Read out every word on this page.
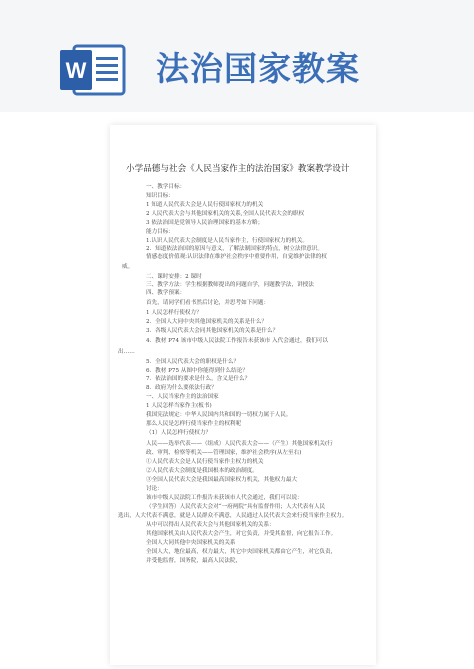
W 法治国家教案
小学品德与社会《人民当家作主的法治国家》教案教学设计
一、教学目标：
知识目标：
1 知道人民代表大会是人民行使国家权力的机关
2 人民代表大会与其他国家机关的关系,全国人民代表大会的职权
3 依法治国是党领导人民治理国家的基本方略；
能力目标：
1.认识人民代表大会制度是人民当家作主，行使国家权力的机关。
2．知道依法治国的原因与意义，了解法制国家的特点，树立法律意识。
情感态度价值观:认识法律在维护社会秩序中重要作用，自觉维护法律的权
威。
二、课时安排：2 课时
三、教学方法：学生根据教师提出的问题自学，问题教学法，讲授法
四、教学预案：
首先，请同学们看书然后讨论，并思考如下问题：
1 人民怎样行使权力？
2．全国人大同中央其他国家机关的关系是什么？
3．各级人民代表大会同其他国家机关的关系是什么？
4．教材 P74 该市中级人民法院工作报告未获该市 入代会通过，我们可以
出……
5．全国人民代表大会的职权是什么？
6．教材 P75 从图中你能得到什么结论？
7．依法治国的要求是什么，含义是什么？
8．政府为什么要依法行政？
一、人民当家作主的法治国家
1 人民怎样当家作主(板书)
我国宪法规定：中华人民国内共和国的一切权力属于人民。
那么人民是怎样行使当家作主的权利呢
（1）人民怎样行使权力？
人民——选举代表——（组成）人民代表大会——（产生）其他国家机关(行
政、审判、检察等机关——管理国家，维护社会秩序(从左至右)
①人民代表大会是人民行使当家作主权力的机关
②人民代表大会制度是我国根本的政治制度。
③全国人民代表大会是我国最高国家权力机关，其他权力最大
讨论：
该市中级人民法院工作报告未获该市人代会通过，我们可以说：
（学生回答）人民代表大会对“一府两院”具有监督作用；人大代表有人民
选出，人大代表不满意，就是人民群众不满意，人民通过人民代表大会来行使当家作主权力。
从中可以得出人民代表大会与其他国家机关的关系：
其他国家机关由人民代表大会产生，对它负责，并受其监督，向它报告工作。
全国人大同其他中央国家机关的关系
全国人大，地位最高，权力最大，其它中央国家机关都由它产生，对它负责，
并受他监督，国务院，最高人民法院，
